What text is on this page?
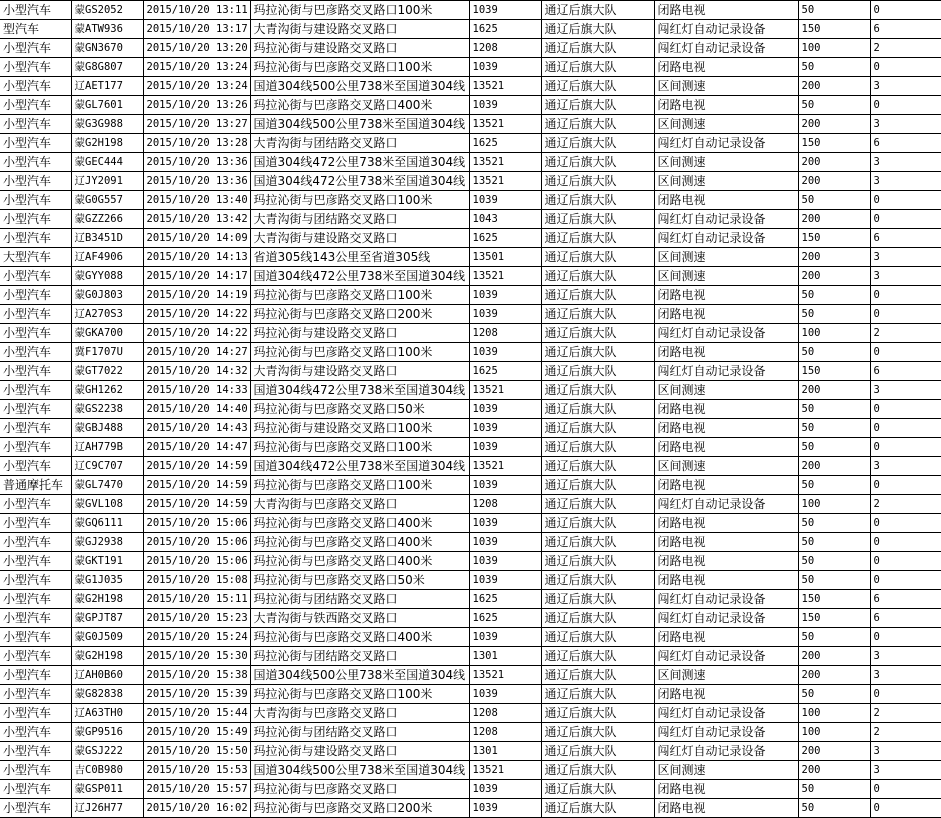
小型汽车	蒙GS2052	2015/10/20 13:11	玛拉沁街与巴彦路交叉路口100米	1039	通辽后旗大队	闭路电视	50	0
型汽车	蒙ATW936	2015/10/20 13:17	大青沟街与建设路交叉路口	1625	通辽后旗大队	闯红灯自动记录设备	150	6
小型汽车	蒙GN3670	2015/10/20 13:20	玛拉沁街与建设路交叉路口	1208	通辽后旗大队	闯红灯自动记录设备	100	2
小型汽车	蒙G8G807	2015/10/20 13:24	玛拉沁街与巴彦路交叉路口100米	1039	通辽后旗大队	闭路电视	50	0
小型汽车	辽AET177	2015/10/20 13:24	国道304线500公里738米至国道304线	13521	通辽后旗大队	区间测速	200	3
小型汽车	蒙GL7601	2015/10/20 13:26	玛拉沁街与巴彦路交叉路口400米	1039	通辽后旗大队	闭路电视	50	0
小型汽车	蒙G3G988	2015/10/20 13:27	国道304线500公里738米至国道304线	13521	通辽后旗大队	区间测速	200	3
小型汽车	蒙G2H198	2015/10/20 13:28	大青沟街与团结路交叉路口	1625	通辽后旗大队	闯红灯自动记录设备	150	6
小型汽车	蒙GEC444	2015/10/20 13:36	国道304线472公里738米至国道304线	13521	通辽后旗大队	区间测速	200	3
小型汽车	辽JY2091	2015/10/20 13:36	国道304线472公里738米至国道304线	13521	通辽后旗大队	区间测速	200	3
小型汽车	蒙G0G557	2015/10/20 13:40	玛拉沁街与巴彦路交叉路口100米	1039	通辽后旗大队	闭路电视	50	0
小型汽车	蒙GZZ266	2015/10/20 13:42	大青沟街与团结路交叉路口	1043	通辽后旗大队	闯红灯自动记录设备	200	0
小型汽车	辽B3451D	2015/10/20 14:09	大青沟街与建设路交叉路口	1625	通辽后旗大队	闯红灯自动记录设备	150	6
大型汽车	辽AF4906	2015/10/20 14:13	省道305线143公里至省道305线	13501	通辽后旗大队	区间测速	200	3
小型汽车	蒙GYY088	2015/10/20 14:17	国道304线472公里738米至国道304线	13521	通辽后旗大队	区间测速	200	3
小型汽车	蒙G0J803	2015/10/20 14:19	玛拉沁街与巴彦路交叉路口100米	1039	通辽后旗大队	闭路电视	50	0
小型汽车	辽A270S3	2015/10/20 14:22	玛拉沁街与巴彦路交叉路口200米	1039	通辽后旗大队	闭路电视	50	0
小型汽车	蒙GKA700	2015/10/20 14:22	玛拉沁街与建设路交叉路口	1208	通辽后旗大队	闯红灯自动记录设备	100	2
小型汽车	冀F1707U	2015/10/20 14:27	玛拉沁街与巴彦路交叉路口100米	1039	通辽后旗大队	闭路电视	50	0
小型汽车	蒙GT7022	2015/10/20 14:32	大青沟街与建设路交叉路口	1625	通辽后旗大队	闯红灯自动记录设备	150	6
小型汽车	蒙GH1262	2015/10/20 14:33	国道304线472公里738米至国道304线	13521	通辽后旗大队	区间测速	200	3
小型汽车	蒙GS2238	2015/10/20 14:40	玛拉沁街与巴彦路交叉路口50米	1039	通辽后旗大队	闭路电视	50	0
小型汽车	蒙GBJ488	2015/10/20 14:43	玛拉沁街与建设路交叉路口100米	1039	通辽后旗大队	闭路电视	50	0
小型汽车	辽AH779B	2015/10/20 14:47	玛拉沁街与巴彦路交叉路口100米	1039	通辽后旗大队	闭路电视	50	0
小型汽车	辽C9C707	2015/10/20 14:59	国道304线472公里738米至国道304线	13521	通辽后旗大队	区间测速	200	3
普通摩托车	蒙GL7470	2015/10/20 14:59	玛拉沁街与巴彦路交叉路口100米	1039	通辽后旗大队	闭路电视	50	0
小型汽车	蒙GVL108	2015/10/20 14:59	大青沟街与巴彦路交叉路口	1208	通辽后旗大队	闯红灯自动记录设备	100	2
小型汽车	蒙GQ6111	2015/10/20 15:06	玛拉沁街与巴彦路交叉路口400米	1039	通辽后旗大队	闭路电视	50	0
小型汽车	蒙GJ2938	2015/10/20 15:06	玛拉沁街与巴彦路交叉路口400米	1039	通辽后旗大队	闭路电视	50	0
小型汽车	蒙GKT191	2015/10/20 15:06	玛拉沁街与巴彦路交叉路口400米	1039	通辽后旗大队	闭路电视	50	0
小型汽车	蒙G1J035	2015/10/20 15:08	玛拉沁街与巴彦路交叉路口50米	1039	通辽后旗大队	闭路电视	50	0
小型汽车	蒙G2H198	2015/10/20 15:11	玛拉沁街与团结路交叉路口	1625	通辽后旗大队	闯红灯自动记录设备	150	6
小型汽车	蒙GPJT87	2015/10/20 15:23	大青沟街与铁西路交叉路口	1625	通辽后旗大队	闯红灯自动记录设备	150	6
小型汽车	蒙G0J509	2015/10/20 15:24	玛拉沁街与巴彦路交叉路口400米	1039	通辽后旗大队	闭路电视	50	0
小型汽车	蒙G2H198	2015/10/20 15:30	玛拉沁街与团结路交叉路口	1301	通辽后旗大队	闯红灯自动记录设备	200	3
小型汽车	辽AH0B60	2015/10/20 15:38	国道304线500公里738米至国道304线	13521	通辽后旗大队	区间测速	200	3
小型汽车	蒙G82838	2015/10/20 15:39	玛拉沁街与巴彦路交叉路口100米	1039	通辽后旗大队	闭路电视	50	0
小型汽车	辽A63TH0	2015/10/20 15:44	大青沟街与巴彦路交叉路口	1208	通辽后旗大队	闯红灯自动记录设备	100	2
小型汽车	蒙GP9516	2015/10/20 15:49	玛拉沁街与团结路交叉路口	1208	通辽后旗大队	闯红灯自动记录设备	100	2
小型汽车	蒙GSJ222	2015/10/20 15:50	玛拉沁街与建设路交叉路口	1301	通辽后旗大队	闯红灯自动记录设备	200	3
小型汽车	吉C0B980	2015/10/20 15:53	国道304线500公里738米至国道304线	13521	通辽后旗大队	区间测速	200	3
小型汽车	蒙GSP011	2015/10/20 15:57	玛拉沁街与巴彦路交叉路口	1039	通辽后旗大队	闭路电视	50	0
小型汽车	辽J26H77	2015/10/20 16:02	玛拉沁街与巴彦路交叉路口200米	1039	通辽后旗大队	闭路电视	50	0
